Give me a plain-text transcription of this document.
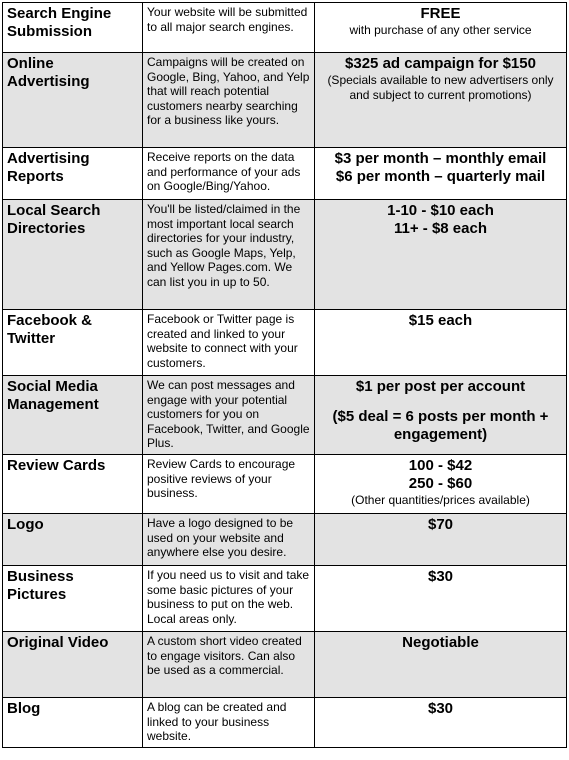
Search Engine
Submission	Your website will be submitted to all major search engines.	FREE
with purchase of any other service

Online
Advertising	Campaigns will be created on Google, Bing, Yahoo, and Yelp that will reach potential customers nearby searching for a business like yours.	$325 ad campaign for $150
(Specials available to new advertisers only and subject to current promotions)

Advertising
Reports	Receive reports on the data and performance of your ads on Google/Bing/Yahoo.	$3 per month – monthly email
$6 per month – quarterly mail

Local Search
Directories	You'll be listed/claimed in the most important local search directories for your industry, such as Google Maps, Yelp, and Yellow Pages.com. We can list you in up to 50.	1-10 - $10 each
11+ - $8 each

Facebook &
Twitter	Facebook or Twitter page is created and linked to your website to connect with your customers.	$15 each

Social Media
Management	We can post messages and engage with your potential customers for you on Facebook, Twitter, and Google Plus.	$1 per post per account
($5 deal = 6 posts per month +
engagement)

Review Cards	Review Cards to encourage positive reviews of your business.	100 - $42
250 - $60
(Other quantities/prices available)

Logo	Have a logo designed to be used on your website and anywhere else you desire.	$70

Business
Pictures	If you need us to visit and take some basic pictures of your business to put on the web. Local areas only.	$30

Original Video	A custom short video created to engage visitors. Can also be used as a commercial.	Negotiable

Blog	A blog can be created and linked to your business website.	$30
